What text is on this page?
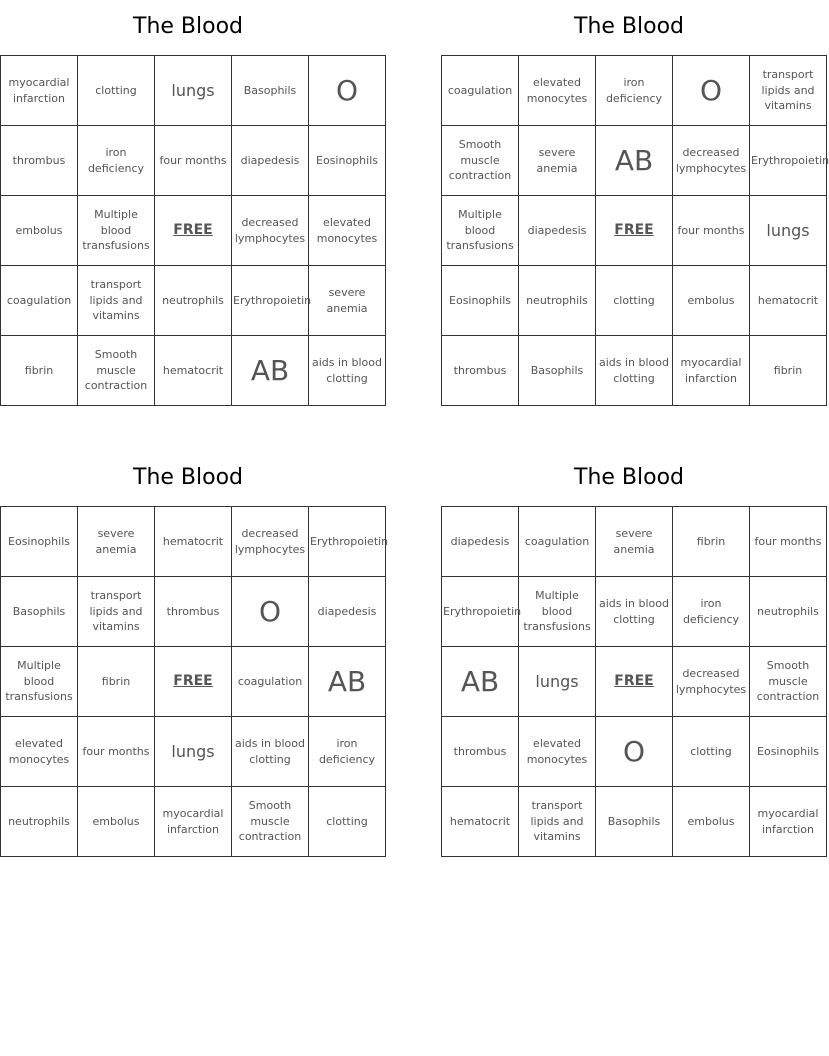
The Blood
myocardial infarction	clotting	lungs	Basophils	O
thrombus	iron deficiency	four months	diapedesis	Eosinophils
embolus	Multiple blood transfusions	FREE	decreased lymphocytes	elevated monocytes
coagulation	transport lipids and vitamins	neutrophils	Erythropoietin	severe anemia
fibrin	Smooth muscle contraction	hematocrit	AB	aids in blood clotting
The Blood
coagulation	elevated monocytes	iron deficiency	O	transport lipids and vitamins
Smooth muscle contraction	severe anemia	AB	decreased lymphocytes	Erythropoietin
Multiple blood transfusions	diapedesis	FREE	four months	lungs
Eosinophils	neutrophils	clotting	embolus	hematocrit
thrombus	Basophils	aids in blood clotting	myocardial infarction	fibrin
The Blood
Eosinophils	severe anemia	hematocrit	decreased lymphocytes	Erythropoietin
Basophils	transport lipids and vitamins	thrombus	O	diapedesis
Multiple blood transfusions	fibrin	FREE	coagulation	AB
elevated monocytes	four months	lungs	aids in blood clotting	iron deficiency
neutrophils	embolus	myocardial infarction	Smooth muscle contraction	clotting
The Blood
diapedesis	coagulation	severe anemia	fibrin	four months
Erythropoietin	Multiple blood transfusions	aids in blood clotting	iron deficiency	neutrophils
AB	lungs	FREE	decreased lymphocytes	Smooth muscle contraction
thrombus	elevated monocytes	O	clotting	Eosinophils
hematocrit	transport lipids and vitamins	Basophils	embolus	myocardial infarction
